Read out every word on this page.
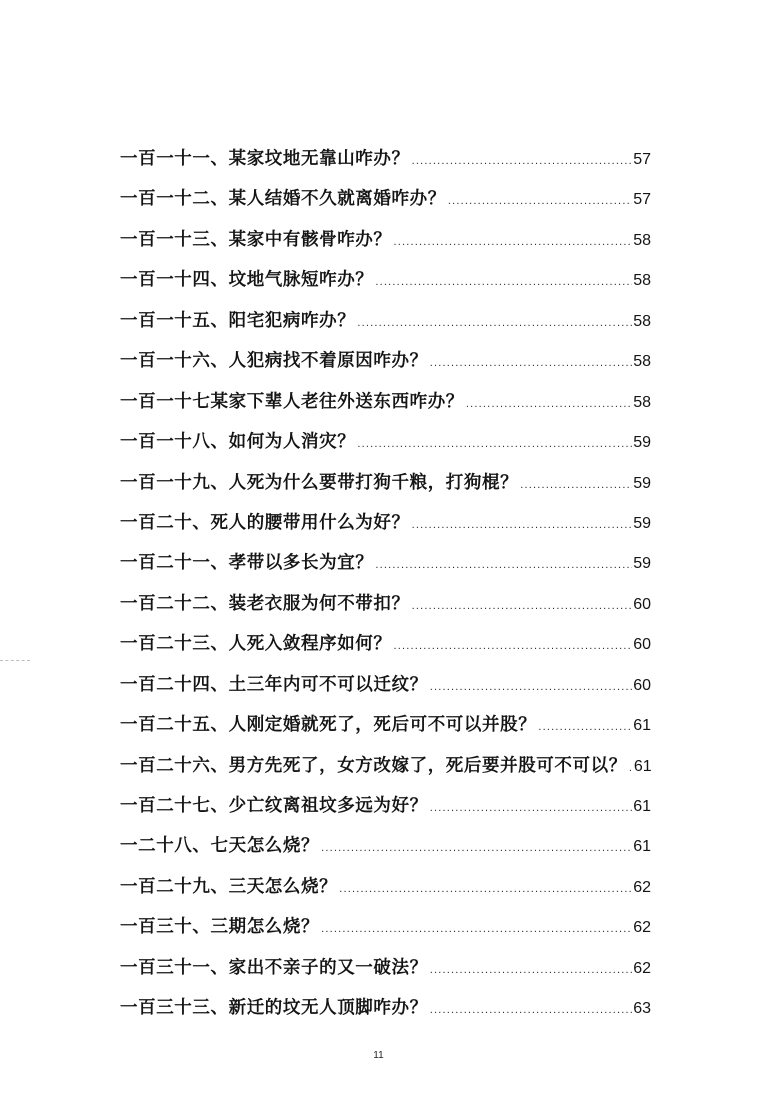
一百一十一、某家坟地无靠山咋办？ .....	57
一百一十二、某人结婚不久就离婚咋办？ .....	57
一百一十三、某家中有骸骨咋办？ .....	58
一百一十四、坟地气脉短咋办？ .....	58
一百一十五、阳宅犯病咋办？ .....	58
一百一十六、人犯病找不着原因咋办？ .....	58
一百一十七某家下辈人老往外送东西咋办？ .....	58
一百一十八、如何为人消灾？ .....	59
一百一十九、人死为什么要带打狗千粮，打狗棍？ .....	59
一百二十、死人的腰带用什么为好？ .....	59
一百二十一、孝带以多长为宜？ .....	59
一百二十二、装老衣服为何不带扣？ .....	60
一百二十三、人死入敛程序如何？ .....	60
一百二十四、土三年内可不可以迁纹？ .....	60
一百二十五、人刚定婚就死了，死后可不可以并股？ .....	61
一百二十六、男方先死了，女方改嫁了，死后要并股可不可以？ ..... 61
一百二十七、少亡纹离祖坟多远为好？ .....	61
一二十八、七天怎么烧？ .....	61
一百二十九、三天怎么烧？ .....	62
一百三十、三期怎么烧？ .....	62
一百三十一、家出不亲子的又一破法？ .....	62
一百三十三、新迁的坟无人顶脚咋办？ .....	63
11
